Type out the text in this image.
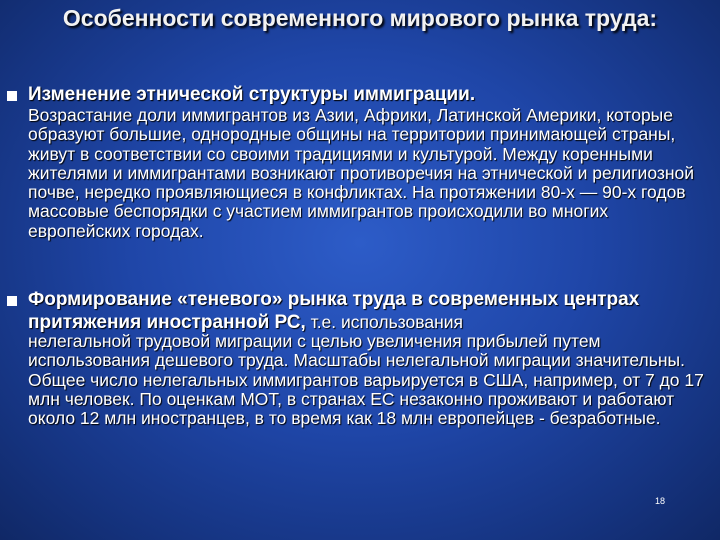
Особенности современного мирового рынка труда:
Изменение этнической структуры иммиграции.
Возрастание доли иммигрантов из Азии, Африки, Латинской Америки, которые образуют большие, однородные общины на территории принимающей страны, живут в соответствии со своими традициями и культурой. Между коренными жителями и иммигрантами возникают противоречия на этнической и религиозной почве, нередко проявляющиеся в конфликтах. На протяжении 80-х — 90-х годов массовые беспорядки с участием иммигрантов происходили во многих европейских городах.
Формирование «теневого» рынка труда в современных центрах притяжения иностранной РС, т.е. использования
нелегальной трудовой миграции с целью увеличения прибылей путем использования дешевого труда. Масштабы нелегальной миграции значительны. Общее число нелегальных иммигрантов варьируется в США, например, от 7 до 17 млн человек. По оценкам МОТ, в странах ЕС незаконно проживают и работают около 12 млн иностранцев, в то время как 18 млн европейцев - безработные.
18
